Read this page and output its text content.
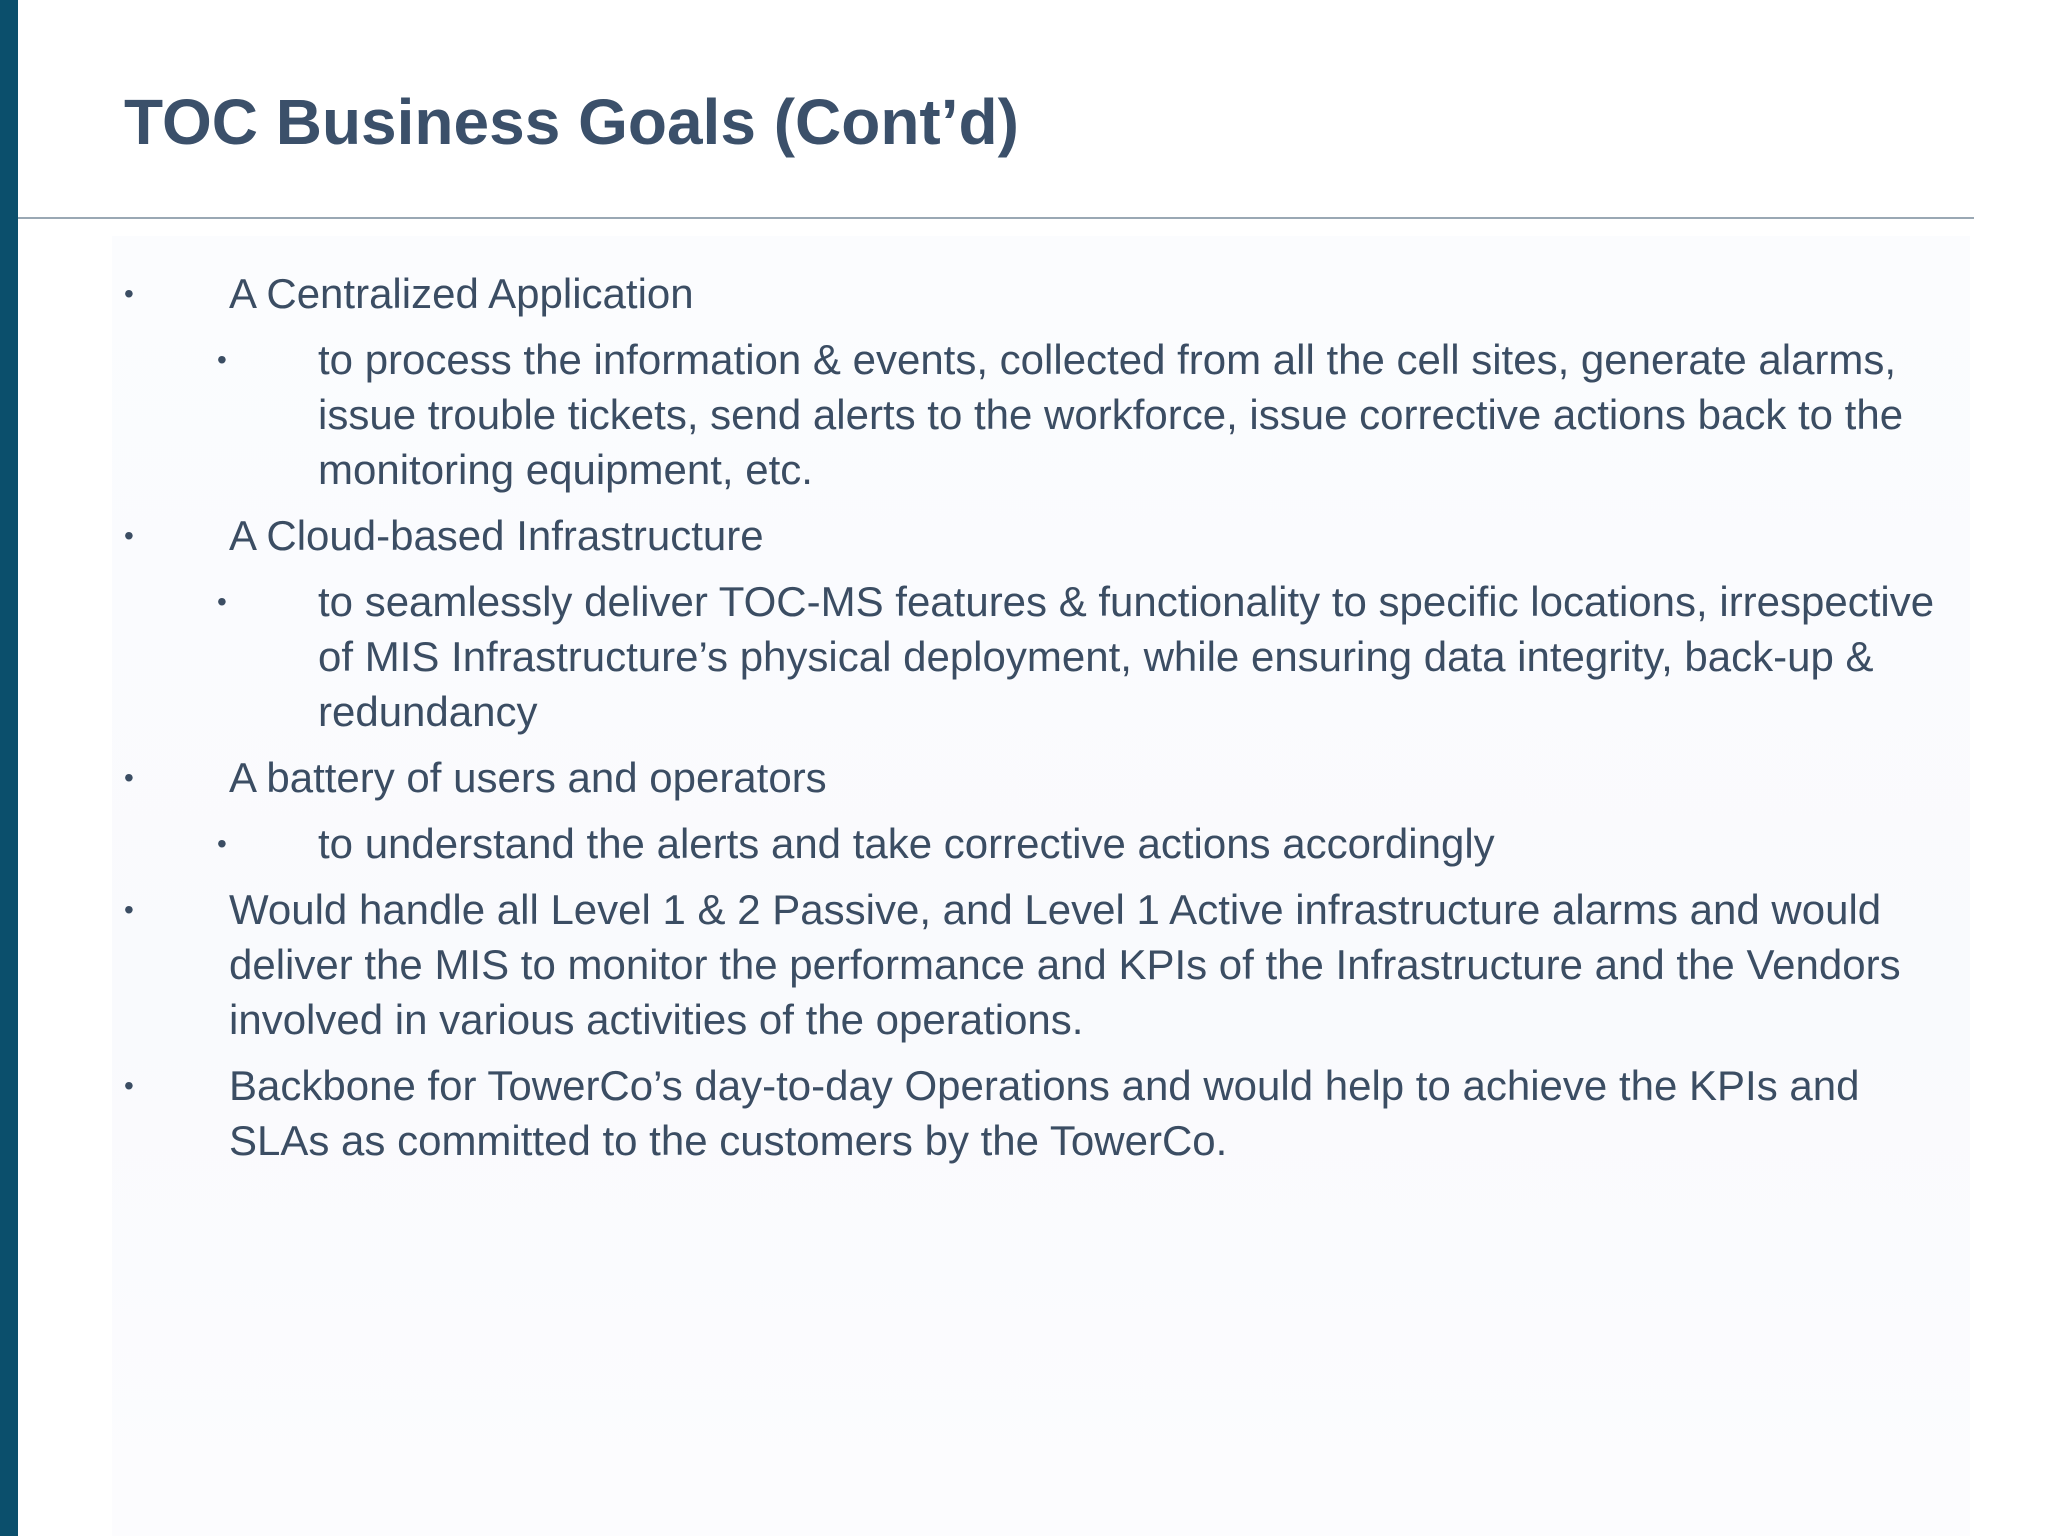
TOC Business Goals (Cont’d)
• A Centralized Application
• to process the information & events, collected from all the cell sites, generate alarms, issue trouble tickets, send alerts to the workforce, issue corrective actions back to the monitoring equipment, etc.
• A Cloud-based Infrastructure
• to seamlessly deliver TOC-MS features & functionality to specific locations, irrespective of MIS Infrastructure’s physical deployment, while ensuring data integrity, back-up & redundancy
• A battery of users and operators
• to understand the alerts and take corrective actions accordingly
• Would handle all Level 1 & 2 Passive, and Level 1 Active infrastructure alarms and would deliver the MIS to monitor the performance and KPIs of the Infrastructure and the Vendors involved in various activities of the operations.
• Backbone for TowerCo’s day-to-day Operations and would help to achieve the KPIs and SLAs as committed to the customers by the TowerCo.
